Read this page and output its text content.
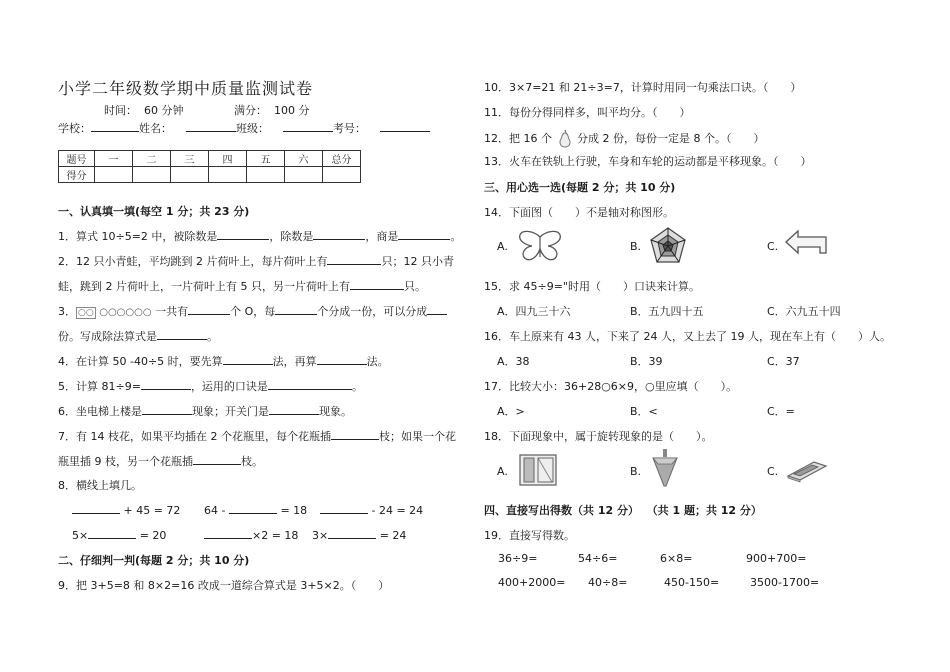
小学二年级数学期中质量监测试卷
时间： 60 分钟	满分： 100 分
学校：	姓名：	班级：	考号：
题号	一	二	三	四	五	六	总分
得分							
一、认真填一填(每空 1 分；共 23 分)
1．算式 10÷5=2 中，被除数是	，除数是	，商是	。
2．12 只小青蛙，平均跳到 2 片荷叶上，每片荷叶上有	只；12 只小青
蛙，跳到 2 片荷叶上，一片荷叶上有 5 只，另一片荷叶上有	只。
3． ○○ ○○○○○○ 一共有	个 O，每	个分成一份，可以分成
份。写成除法算式是	。
4．在计算 50 -40÷5 时，要先算	法，再算	法。
5．计算 81÷9=	，运用的口诀是	。
6．坐电梯上楼是	现象；开关门是	现象。
7．有 14 枝花，如果平均插在 2 个花瓶里，每个花瓶插	枝；如果一个花
瓶里插 9 枝，另一个花瓶插	枝。
8．横线上填几。
+ 45 = 72 64 -	= 18	- 24 = 24
5×	= 20	×2 = 18 3×	= 24
二、仔细判一判(每题 2 分；共 10 分)
9．把 3+5=8 和 8×2=16 改成一道综合算式是 3+5×2。（　　）
10．3×7=21 和 21÷3=7，计算时用同一句乘法口诀。（　　）
11．每份分得同样多，叫平均分。（　　）
12．把 16 个 分成 2 份，每份一定是 8 个。（　　）
13．火车在铁轨上行驶，车身和车轮的运动都是平移现象。（　　）
三、用心选一选(每题 2 分；共 10 分)
14．下面图（　　）不是轴对称图形。
A.	B.	C.
15．求 45÷9="时用（　　）口诀来计算。
A．四九三十六	B．五九四十五	C．六九五十四
16．车上原来有 43 人，下来了 24 人，又上去了 19 人，现在车上有（　　）人。
A．38	B．39	C．37
17．比较大小：36+28○6×9，○里应填（　　）。
A．>	B．<	C．=
18．下面现象中，属于旋转现象的是（　　）。
A.	B.	C.
四、直接写出得数（共 12 分） （共 1 题；共 12 分）
19．直接写得数。
36÷9=	54÷6=	6×8=	900+700=
400+2000= 40÷8=	450-150=	3500-1700=
